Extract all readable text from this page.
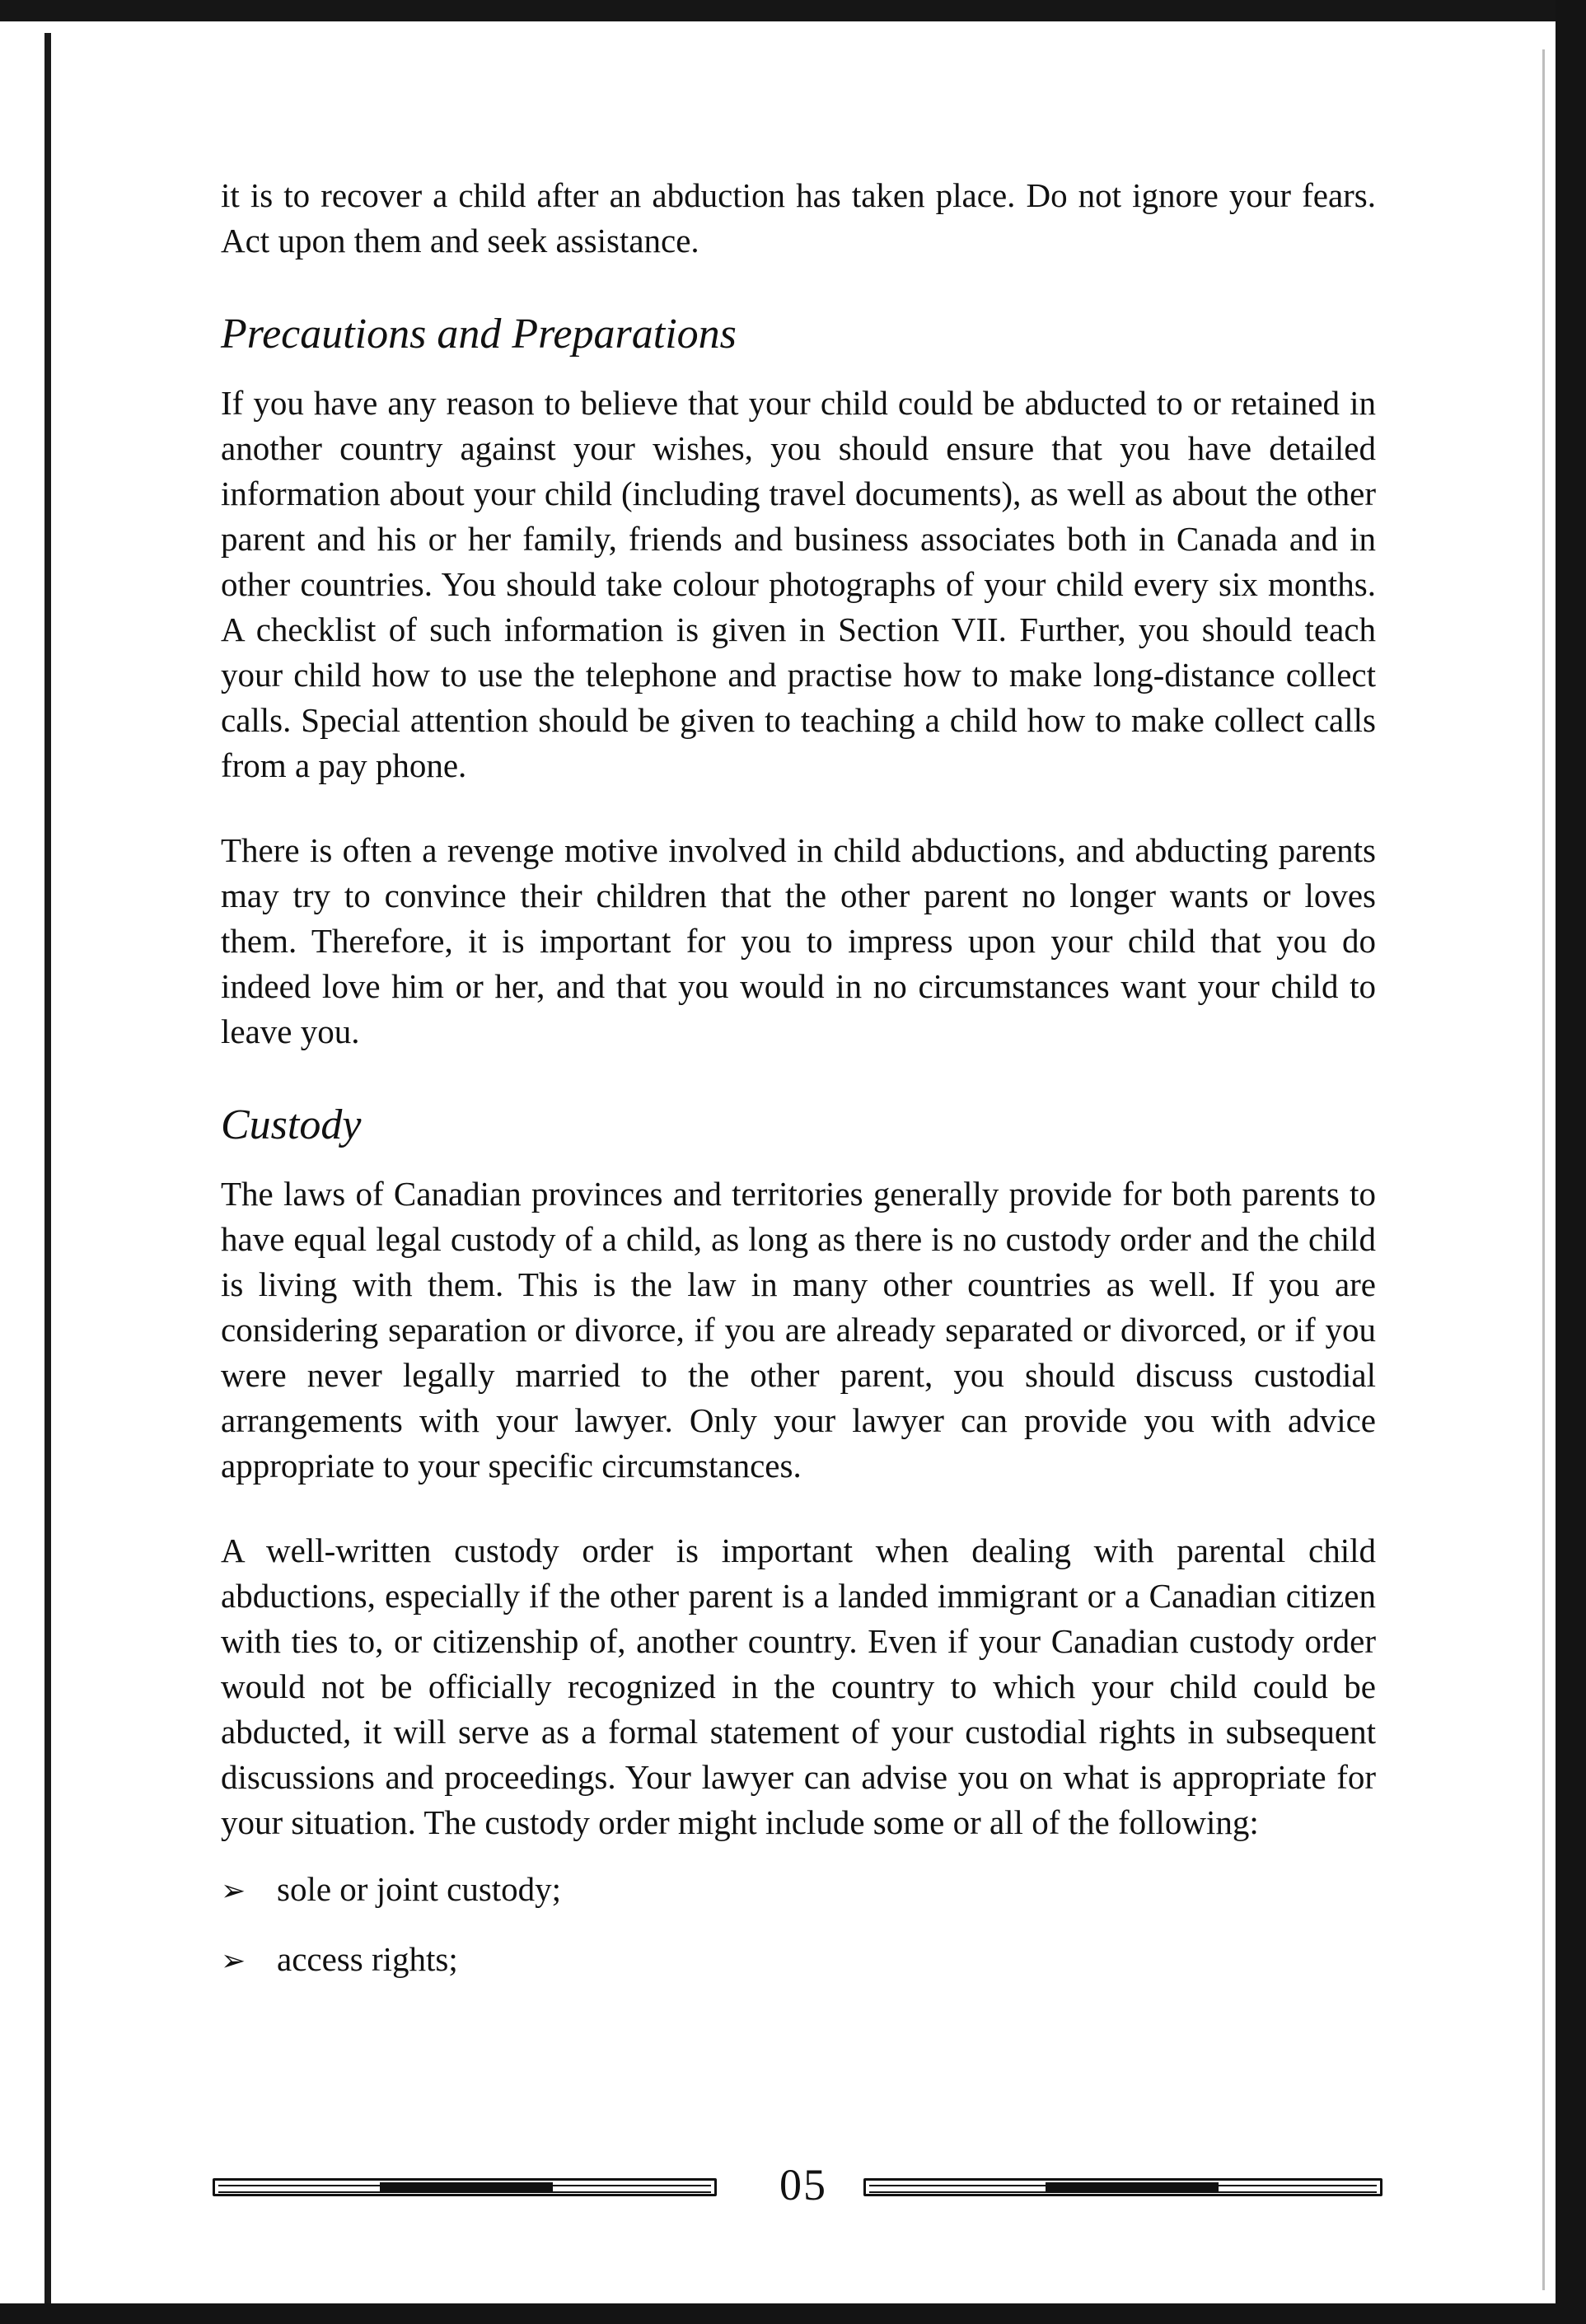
it is to recover a child after an abduction has taken place. Do not ignore your fears. Act upon them and seek assistance.

Precautions and Preparations

If you have any reason to believe that your child could be abducted to or retained in another country against your wishes, you should ensure that you have detailed information about your child (including travel documents), as well as about the other parent and his or her family, friends and business associates both in Canada and in other countries. You should take colour photographs of your child every six months. A checklist of such information is given in Section VII. Further, you should teach your child how to use the telephone and practise how to make long-distance collect calls. Special attention should be given to teaching a child how to make collect calls from a pay phone.

There is often a revenge motive involved in child abductions, and abducting parents may try to convince their children that the other parent no longer wants or loves them. Therefore, it is important for you to impress upon your child that you do indeed love him or her, and that you would in no circumstances want your child to leave you.

Custody

The laws of Canadian provinces and territories generally provide for both parents to have equal legal custody of a child, as long as there is no custody order and the child is living with them. This is the law in many other countries as well. If you are considering separation or divorce, if you are already separated or divorced, or if you were never legally married to the other parent, you should discuss custodial arrangements with your lawyer. Only your lawyer can provide you with advice appropriate to your specific circumstances.

A well-written custody order is important when dealing with parental child abductions, especially if the other parent is a landed immigrant or a Canadian citizen with ties to, or citizenship of, another country. Even if your Canadian custody order would not be officially recognized in the country to which your child could be abducted, it will serve as a formal statement of your custodial rights in subsequent discussions and proceedings. Your lawyer can advise you on what is appropriate for your situation. The custody order might include some or all of the following:

➢ sole or joint custody;
➢ access rights;
05
